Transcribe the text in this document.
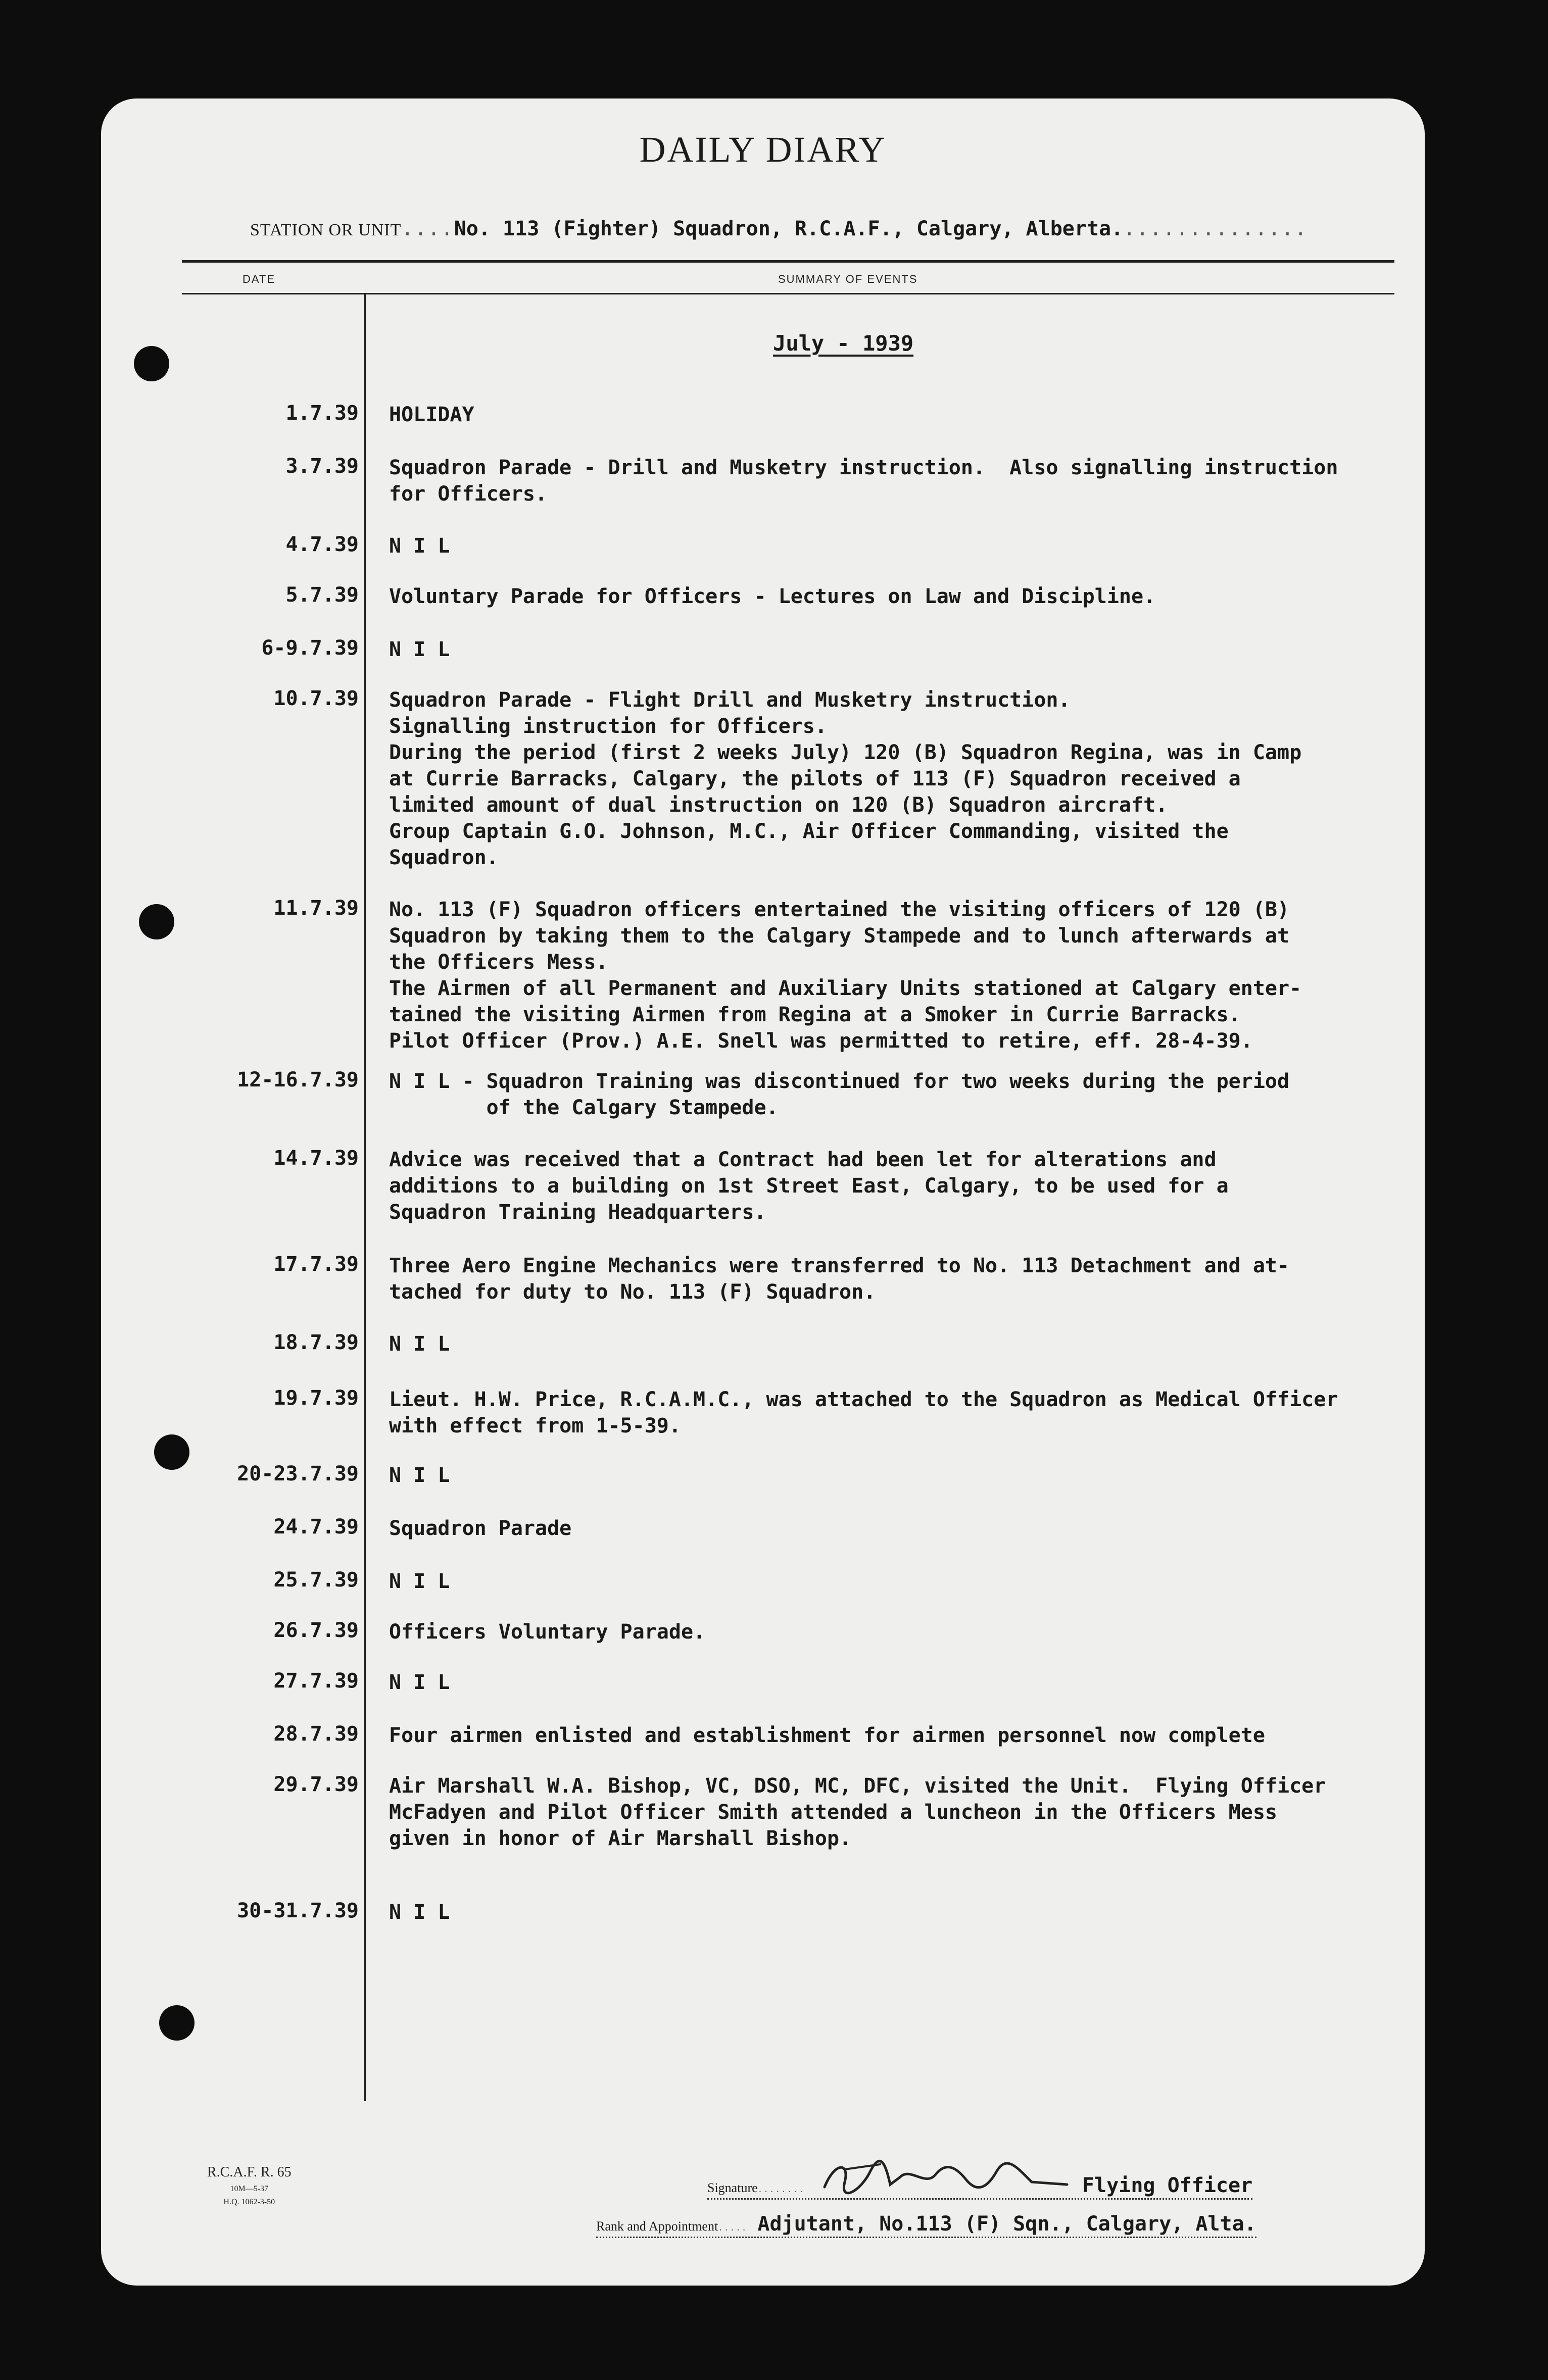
DAILY DIARY
STATION OR UNIT....No. 113 (Fighter) Squadron, R.C.A.F., Calgary, Alberta...............
DATE	SUMMARY OF EVENTS
July - 1939
1.7.39 HOLIDAY
3.7.39 Squadron Parade - Drill and Musketry instruction.  Also signalling instruction
for Officers.
4.7.39 N I L
5.7.39 Voluntary Parade for Officers - Lectures on Law and Discipline.
6-9.7.39 N I L
10.7.39 Squadron Parade - Flight Drill and Musketry instruction.
Signalling instruction for Officers.
During the period (first 2 weeks July) 120 (B) Squadron Regina, was in Camp
at Currie Barracks, Calgary, the pilots of 113 (F) Squadron received a
limited amount of dual instruction on 120 (B) Squadron aircraft.
Group Captain G.O. Johnson, M.C., Air Officer Commanding, visited the
Squadron.
11.7.39 No. 113 (F) Squadron officers entertained the visiting officers of 120 (B)
Squadron by taking them to the Calgary Stampede and to lunch afterwards at
the Officers Mess.
The Airmen of all Permanent and Auxiliary Units stationed at Calgary enter-
tained the visiting Airmen from Regina at a Smoker in Currie Barracks.
Pilot Officer (Prov.) A.E. Snell was permitted to retire, eff. 28-4-39.
12-16.7.39 N I L - Squadron Training was discontinued for two weeks during the period
of the Calgary Stampede.
14.7.39 Advice was received that a Contract had been let for alterations and
additions to a building on 1st Street East, Calgary, to be used for a
Squadron Training Headquarters.
17.7.39 Three Aero Engine Mechanics were transferred to No. 113 Detachment and at-
tached for duty to No. 113 (F) Squadron.
18.7.39 N I L
19.7.39 Lieut. H.W. Price, R.C.A.M.C., was attached to the Squadron as Medical Officer
with effect from 1-5-39.
20-23.7.39 N I L
24.7.39 Squadron Parade
25.7.39 N I L
26.7.39 Officers Voluntary Parade.
27.7.39 N I L
28.7.39 Four airmen enlisted and establishment for airmen personnel now complete
29.7.39 Air Marshall W.A. Bishop, VC, DSO, MC, DFC, visited the Unit.  Flying Officer
McFadyen and Pilot Officer Smith attended a luncheon in the Officers Mess
given in honor of Air Marshall Bishop.
30-31.7.39 N I L
R.C.A.F. R. 65
10M—5-37
H.Q. 1062-3-50
Signature........	Flying Officer
Rank and Appointment..... Adjutant, No.113 (F) Sqn., Calgary, Alta.
